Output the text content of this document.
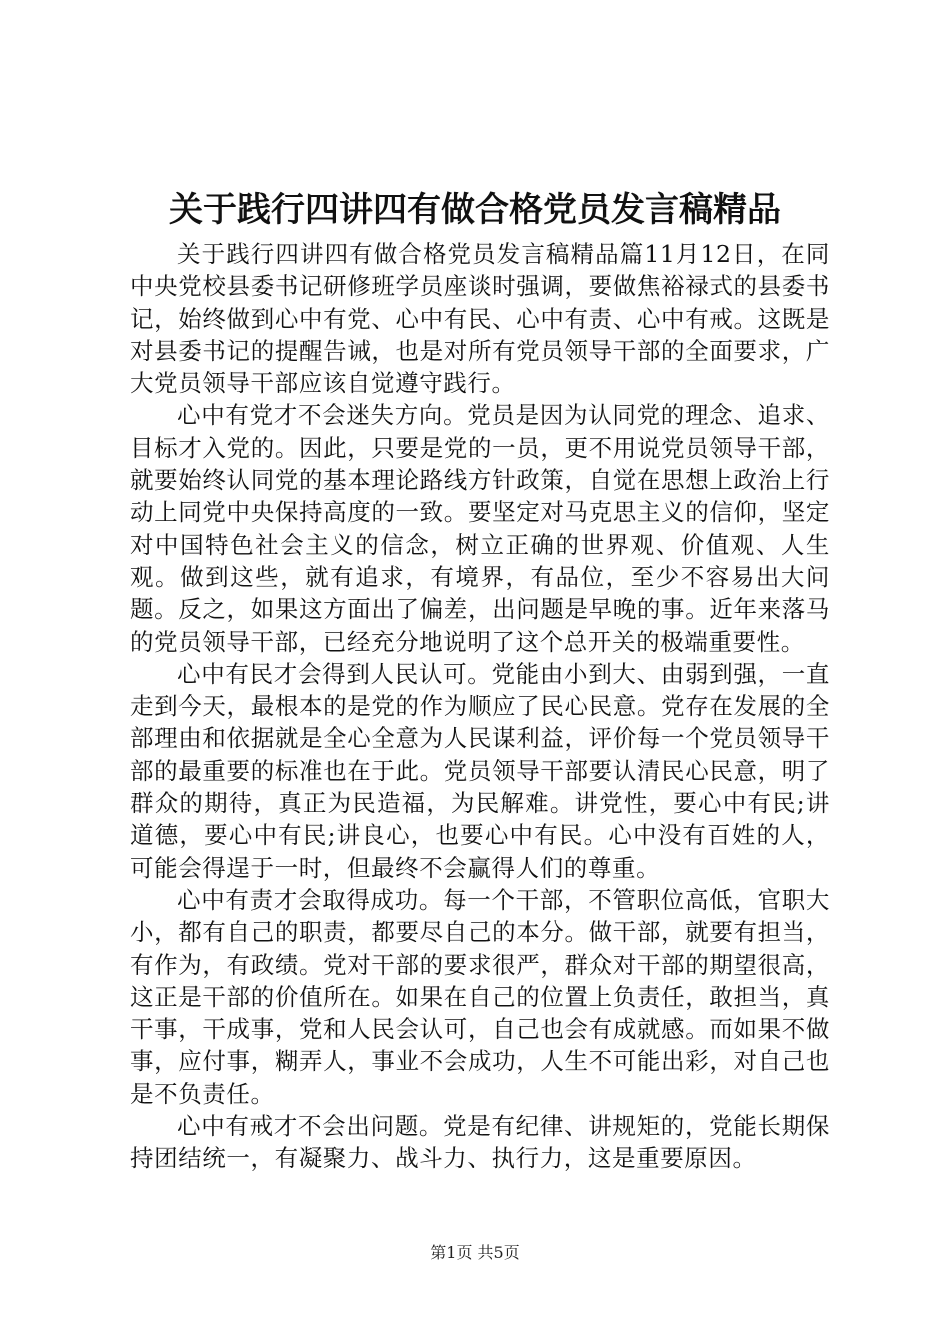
关于践行四讲四有做合格党员发言稿精品

关于践行四讲四有做合格党员发言稿精品篇11月12日，在同中央党校县委书记研修班学员座谈时强调，要做焦裕禄式的县委书记，始终做到心中有党、心中有民、心中有责、心中有戒。这既是对县委书记的提醒告诫，也是对所有党员领导干部的全面要求，广大党员领导干部应该自觉遵守践行。

心中有党才不会迷失方向。党员是因为认同党的理念、追求、目标才入党的。因此，只要是党的一员，更不用说党员领导干部，就要始终认同党的基本理论路线方针政策，自觉在思想上政治上行动上同党中央保持高度的一致。要坚定对马克思主义的信仰，坚定对中国特色社会主义的信念，树立正确的世界观、价值观、人生观。做到这些，就有追求，有境界，有品位，至少不容易出大问题。反之，如果这方面出了偏差，出问题是早晚的事。近年来落马的党员领导干部，已经充分地说明了这个总开关的极端重要性。

心中有民才会得到人民认可。党能由小到大、由弱到强，一直走到今天，最根本的是党的作为顺应了民心民意。党存在发展的全部理由和依据就是全心全意为人民谋利益，评价每一个党员领导干部的最重要的标准也在于此。党员领导干部要认清民心民意，明了群众的期待，真正为民造福，为民解难。讲党性，要心中有民;讲道德，要心中有民;讲良心，也要心中有民。心中没有百姓的人，可能会得逞于一时，但最终不会赢得人们的尊重。

心中有责才会取得成功。每一个干部，不管职位高低，官职大小，都有自己的职责，都要尽自己的本分。做干部，就要有担当，有作为，有政绩。党对干部的要求很严，群众对干部的期望很高，这正是干部的价值所在。如果在自己的位置上负责任，敢担当，真干事，干成事，党和人民会认可，自己也会有成就感。而如果不做事，应付事，糊弄人，事业不会成功，人生不可能出彩，对自己也是不负责任。

心中有戒才不会出问题。党是有纪律、讲规矩的，党能长期保持团结统一，有凝聚力、战斗力、执行力，这是重要原因。

第1页 共5页
